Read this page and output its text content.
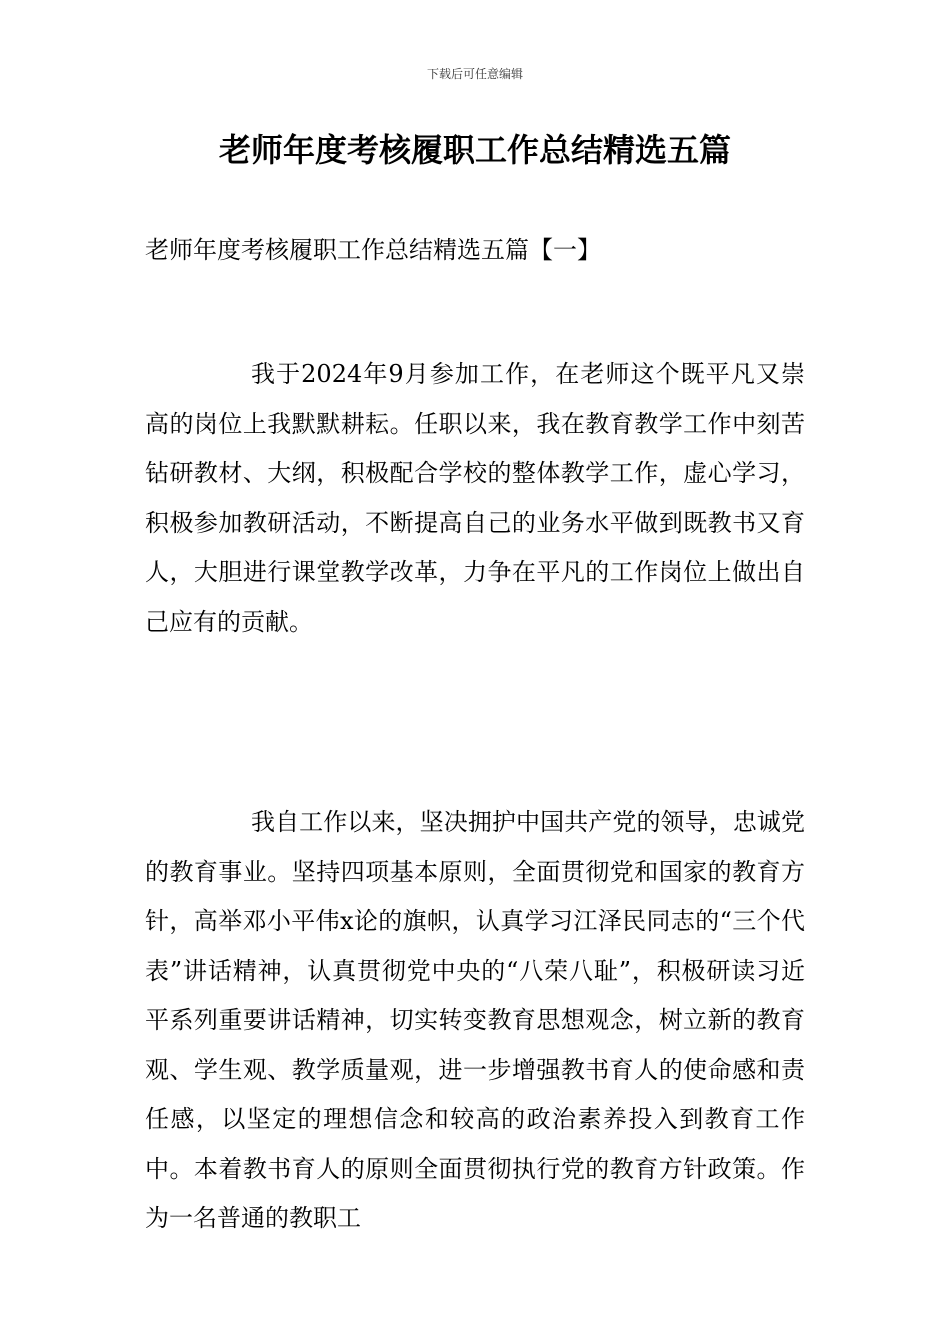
下载后可任意编辑
老师年度考核履职工作总结精选五篇
老师年度考核履职工作总结精选五篇【一】

我于2024年9月参加工作，在老师这个既平凡又崇高的岗位上我默默耕耘。任职以来，我在教育教学工作中刻苦钻研教材、大纲，积极配合学校的整体教学工作，虚心学习，积极参加教研活动，不断提高自己的业务水平做到既教书又育人，大胆进行课堂教学改革，力争在平凡的工作岗位上做出自己应有的贡献。

我自工作以来，坚决拥护中国共产党的领导，忠诚党的教育事业。坚持四项基本原则，全面贯彻党和国家的教育方针，高举邓小平伟x论的旗帜，认真学习江泽民同志的“三个代表”讲话精神，认真贯彻党中央的“八荣八耻”，积极研读习近平系列重要讲话精神，切实转变教育思想观念，树立新的教育观、学生观、教学质量观，进一步增强教书育人的使命感和责任感，以坚定的理想信念和较高的政治素养投入到教育工作中。本着教书育人的原则全面贯彻执行党的教育方针政策。作为一名普通的教职工
